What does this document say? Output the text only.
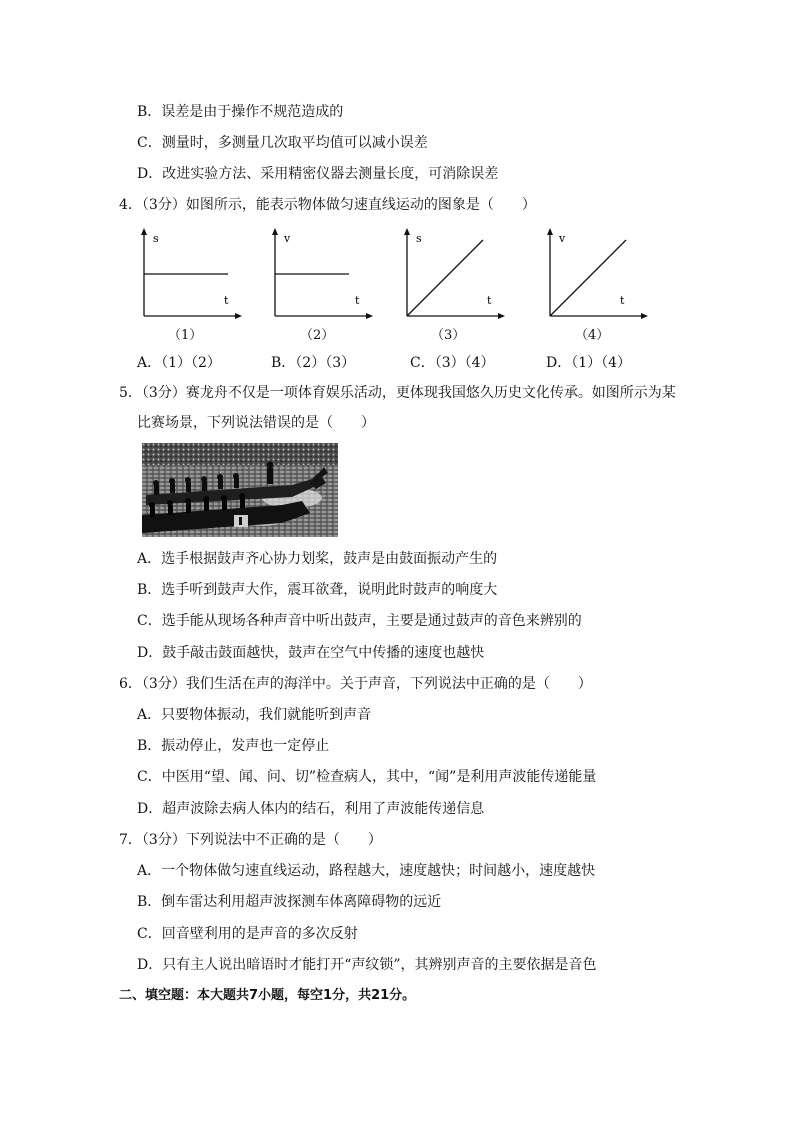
B．误差是由于操作不规范造成的
C．测量时，多测量几次取平均值可以减小误差
D．改进实验方法、采用精密仪器去测量长度，可消除误差
4．（3分）如图所示，能表示物体做匀速直线运动的图象是（　　）
s
t
（1）
v
t
（2）
s
t
（3）
v
t
（4）
A．（1）（2）	B．（2）（3）	C．（3）（4）	D．（1）（4）
5．（3分）赛龙舟不仅是一项体育娱乐活动，更体现我国悠久历史文化传承。如图所示为某
比赛场景，下列说法错误的是（　　）
A．选手根据鼓声齐心协力划桨，鼓声是由鼓面振动产生的
B．选手听到鼓声大作，震耳欲聋，说明此时鼓声的响度大
C．选手能从现场各种声音中听出鼓声，主要是通过鼓声的音色来辨别的
D．鼓手敲击鼓面越快，鼓声在空气中传播的速度也越快
6．（3分）我们生活在声的海洋中。关于声音，下列说法中正确的是（　　）
A．只要物体振动，我们就能听到声音
B．振动停止，发声也一定停止
C．中医用“望、闻、问、切”检查病人，其中，“闻”是利用声波能传递能量
D．超声波除去病人体内的结石，利用了声波能传递信息
7．（3分）下列说法中不正确的是（　　）
A．一个物体做匀速直线运动，路程越大，速度越快；时间越小，速度越快
B．倒车雷达利用超声波探测车体离障碍物的远近
C．回音壁利用的是声音的多次反射
D．只有主人说出暗语时才能打开“声纹锁”，其辨别声音的主要依据是音色
二、填空题：本大题共7小题，每空1分，共21分。
